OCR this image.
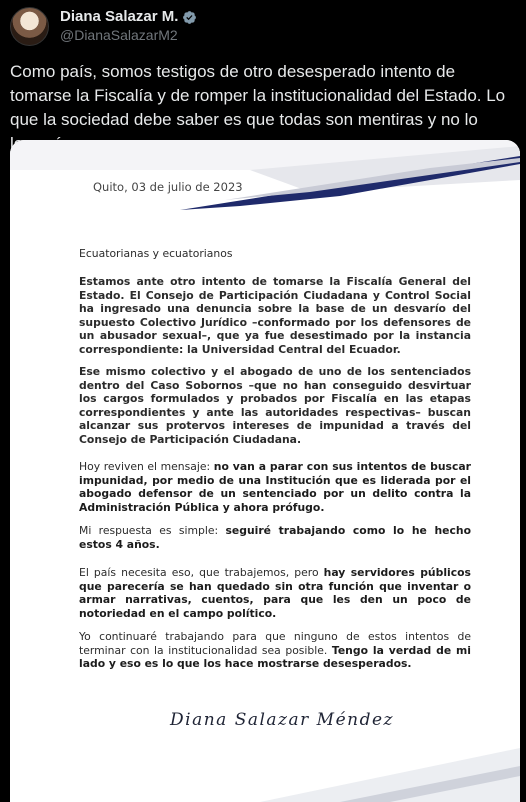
Diana Salazar M.
@DianaSalazarM2
Como país, somos testigos de otro desesperado intento de tomarse la Fiscalía y de romper la institucionalidad del Estado. Lo que la sociedad debe saber es que todas son mentiras y no lo
Quito, 03 de julio de 2023
Ecuatorianas y ecuatorianos
Estamos ante otro intento de tomarse la Fiscalía General del Estado. El Consejo de Participación Ciudadana y Control Social ha ingresado una denuncia sobre la base de un desvarío del supuesto Colectivo Jurídico –conformado por los defensores de un abusador sexual–, que ya fue desestimado por la instancia correspondiente: la Universidad Central del Ecuador.
Ese mismo colectivo y el abogado de uno de los sentenciados dentro del Caso Sobornos –que no han conseguido desvirtuar los cargos formulados y probados por Fiscalía en las etapas correspondientes y ante las autoridades respectivas– buscan alcanzar sus protervos intereses de impunidad a través del Consejo de Participación Ciudadana.
Hoy reviven el mensaje: no van a parar con sus intentos de buscar impunidad, por medio de una Institución que es liderada por el abogado defensor de un sentenciado por un delito contra la Administración Pública y ahora prófugo.
Mi respuesta es simple: seguiré trabajando como lo he hecho estos 4 años.
El país necesita eso, que trabajemos, pero hay servidores públicos que parecería se han quedado sin otra función que inventar o armar narrativas, cuentos, para que les den un poco de notoriedad en el campo político.
Yo continuaré trabajando para que ninguno de estos intentos de terminar con la institucionalidad sea posible. Tengo la verdad de mi lado y eso es lo que los hace mostrarse desesperados.
Diana Salazar Méndez
